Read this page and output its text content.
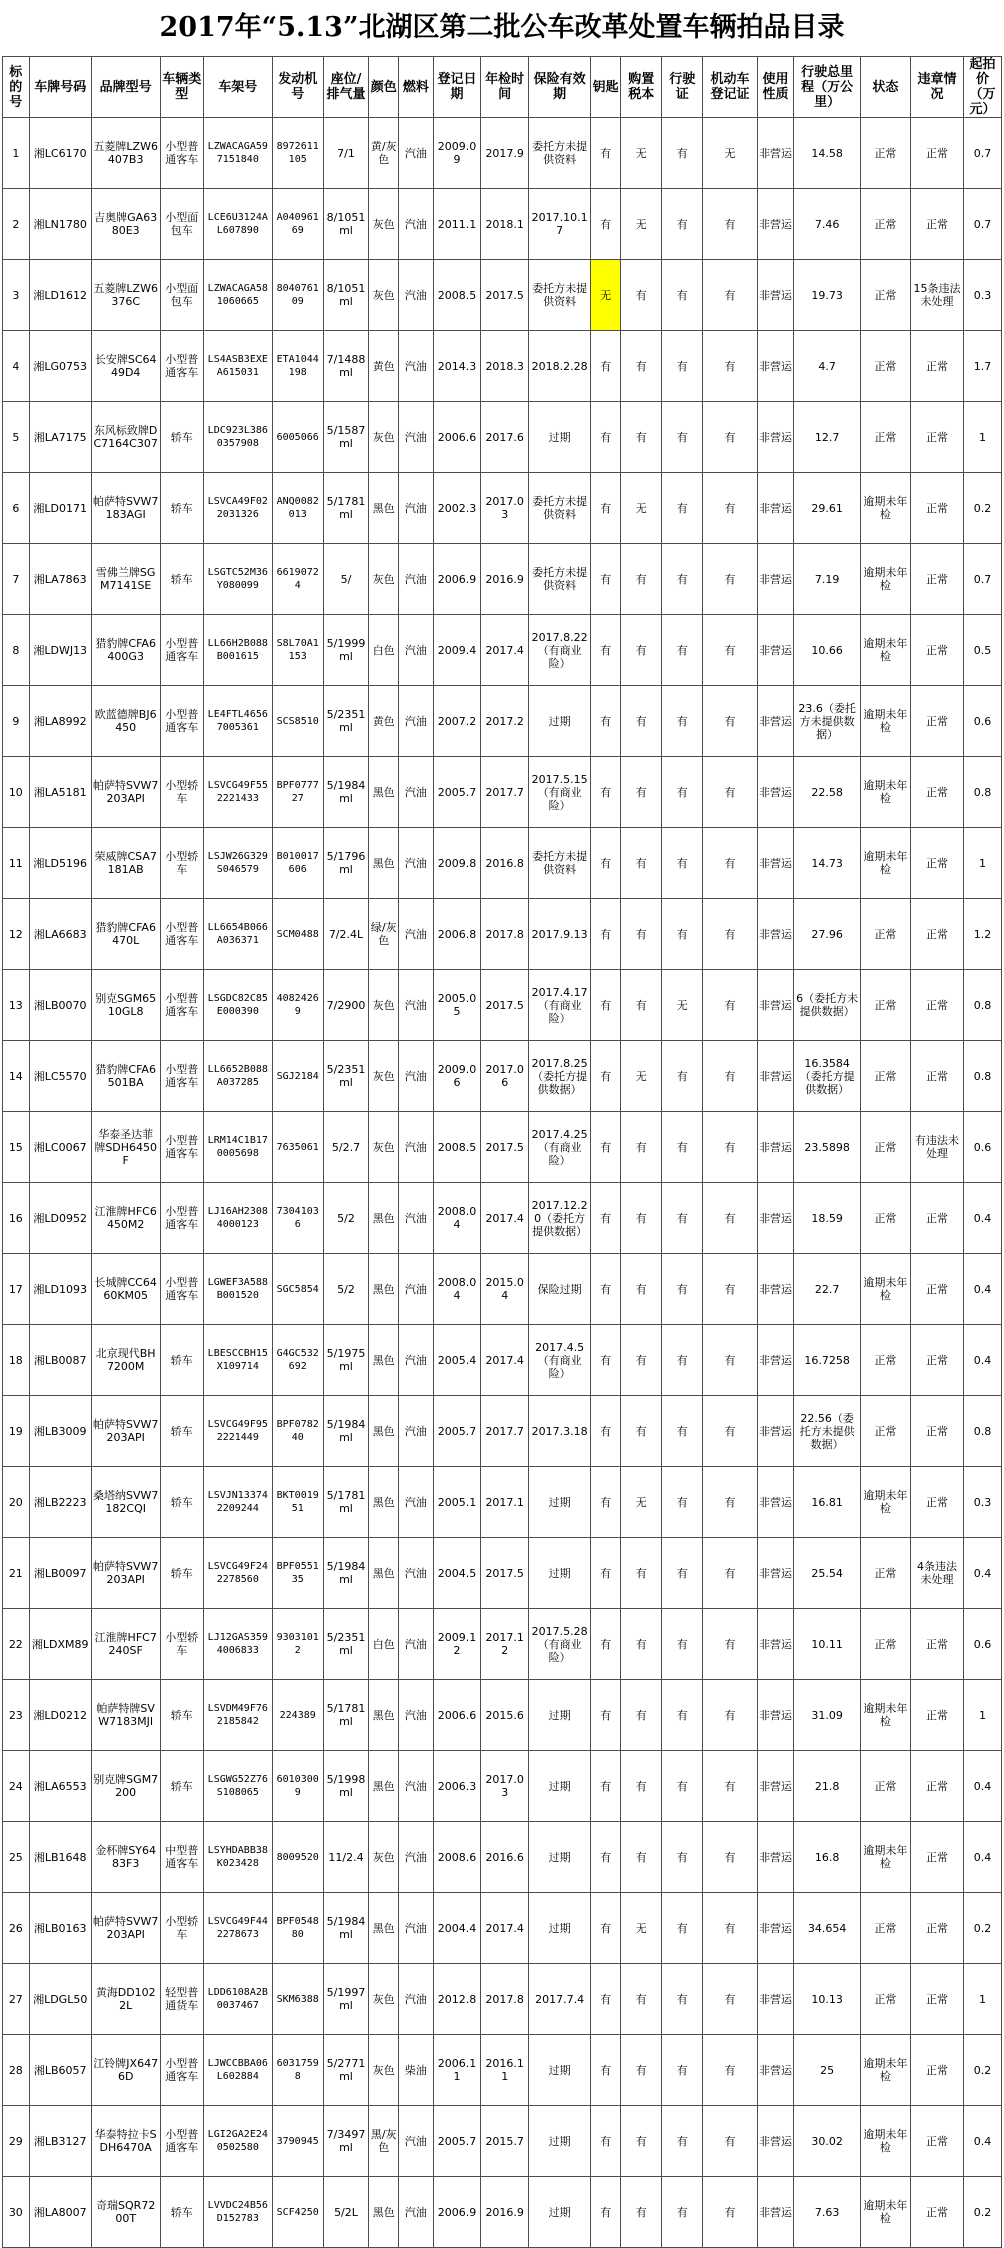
2017年“5.13”北湖区第二批公车改革处置车辆拍品目录
标的号	车牌号码	品牌型号	车辆类型	车架号	发动机号	座位/排气量	颜色	燃料	登记日期	年检时间	保险有效期	钥匙	购置税本	行驶证	机动车登记证	使用性质	行驶总里程（万公里）	状态	违章情况	起拍价（万元）
1	湘LC6170	五菱牌LZW6407B3	小型普通客车	LZWACAGA597151840	8972611105	7/1	黄/灰色	汽油	2009.09	2017.9	委托方未提供资料	有	无	有	无	非营运	14.58	正常	正常	0.7
2	湘LN1780	吉奥牌GA6380E3	小型面包车	LCE6U3124AL607890	A04096169	8/1051ml	灰色	汽油	2011.1	2018.1	2017.10.17	有	无	有	有	非营运	7.46	正常	正常	0.7
3	湘LD1612	五菱牌LZW6376C	小型面包车	LZWACAGA581060665	804076109	8/1051ml	灰色	汽油	2008.5	2017.5	委托方未提供资料	无	有	有	有	非营运	19.73	正常	15条违法未处理	0.3
4	湘LG0753	长安牌SC6449D4	小型普通客车	LS4ASB3EXEA615031	ETA1044198	7/1488ml	黄色	汽油	2014.3	2018.3	2018.2.28	有	有	有	有	非营运	4.7	正常	正常	1.7
5	湘LA7175	东风标致牌DC7164C307	轿车	LDC923L3860357908	6005066	5/1587ml	灰色	汽油	2006.6	2017.6	过期	有	有	有	有	非营运	12.7	正常	正常	1
6	湘LD0171	帕萨特SVW7183AGI	轿车	LSVCA49F022031326	ANQ0082013	5/1781ml	黑色	汽油	2002.3	2017.03	委托方未提供资料	有	无	有	有	非营运	29.61	逾期未年检	正常	0.2
7	湘LA7863	雪佛兰牌SGM7141SE	轿车	LSGTC52M36Y080099	66190724	5/	灰色	汽油	2006.9	2016.9	委托方未提供资料	有	有	有	有	非营运	7.19	逾期未年检	正常	0.7
8	湘LDWJ13	猎豹牌CFA6400G3	小型普通客车	LL66H2B088B001615	S8L70A1153	5/1999ml	白色	汽油	2009.4	2017.4	2017.8.22（有商业险）	有	有	有	有	非营运	10.66	逾期未年检	正常	0.5
9	湘LA8992	欧蓝德牌BJ6450	小型普通客车	LE4FTL46567005361	SCS8510	5/2351ml	黄色	汽油	2007.2	2017.2	过期	有	有	有	有	非营运	23.6（委托方未提供数据）	逾期未年检	正常	0.6
10	湘LA5181	帕萨特SVW7203API	小型轿车	LSVCG49F552221433	BPF077727	5/1984ml	黑色	汽油	2005.7	2017.7	2017.5.15（有商业险）	有	有	有	有	非营运	22.58	逾期未年检	正常	0.8
11	湘LD5196	荣威牌CSA7181AB	小型轿车	LSJW26G329S046579	B010017606	5/1796ml	黑色	汽油	2009.8	2016.8	委托方未提供资料	有	有	有	有	非营运	14.73	逾期未年检	正常	1
12	湘LA6683	猎豹牌CFA6470L	小型普通客车	LL6654B066A036371	SCM0488	7/2.4L	绿/灰色	汽油	2006.8	2017.8	2017.9.13	有	有	有	有	非营运	27.96	正常	正常	1.2
13	湘LB0070	别克SGM6510GL8	小型普通客车	LSGDC82C85E000390	40824269	7/2900	灰色	汽油	2005.05	2017.5	2017.4.17（有商业险）	有	有	无	有	非营运	6（委托方未提供数据）	正常	正常	0.8
14	湘LC5570	猎豹牌CFA6501BA	小型普通客车	LL6652B088A037285	SGJ2184	5/2351ml	灰色	汽油	2009.06	2017.06	2017.8.25（委托方提供数据）	有	无	有	有	非营运	16.3584（委托方提供数据）	正常	正常	0.8
15	湘LC0067	华泰圣达菲牌SDH6450F	小型普通客车	LRM14C1B170005698	7635061	5/2.7	灰色	汽油	2008.5	2017.5	2017.4.25（有商业险）	有	有	有	有	非营运	23.5898	正常	有违法未处理	0.6
16	湘LD0952	江淮牌HFC6450M2	小型普通客车	LJ16AH23084000123	73041036	5/2	黑色	汽油	2008.04	2017.4	2017.12.20（委托方提供数据）	有	有	有	有	非营运	18.59	正常	正常	0.4
17	湘LD1093	长城牌CC6460KM05	小型普通客车	LGWEF3A588B001520	SGC5854	5/2	黑色	汽油	2008.04	2015.04	保险过期	有	有	有	有	非营运	22.7	逾期未年检	正常	0.4
18	湘LB0087	北京现代BH7200M	轿车	LBESCCBH15X109714	G4GC532692	5/1975ml	黑色	汽油	2005.4	2017.4	2017.4.5（有商业险）	有	有	有	有	非营运	16.7258	正常	正常	0.4
19	湘LB3009	帕萨特SVW7203API	轿车	LSVCG49F952221449	BPF078240	5/1984ml	黑色	汽油	2005.7	2017.7	2017.3.18	有	有	有	有	非营运	22.56（委托方未提供数据）	正常	正常	0.8
20	湘LB2223	桑塔纳SVW7182CQI	轿车	LSVJN133742209244	BKT001951	5/1781ml	黑色	汽油	2005.1	2017.1	过期	有	无	有	有	非营运	16.81	逾期未年检	正常	0.3
21	湘LB0097	帕萨特SVW7203API	轿车	LSVCG49F242278560	BPF055135	5/1984ml	黑色	汽油	2004.5	2017.5	过期	有	有	有	有	非营运	25.54	正常	4条违法未处理	0.4
22	湘LDXM89	江淮牌HFC7240SF	小型轿车	LJ12GAS3594006833	93031012	5/2351ml	白色	汽油	2009.12	2017.12	2017.5.28（有商业险）	有	有	有	有	非营运	10.11	正常	正常	0.6
23	湘LD0212	帕萨特牌SVW7183MJI	轿车	LSVDM49F762185842	224389	5/1781ml	黑色	汽油	2006.6	2015.6	过期	有	有	有	有	非营运	31.09	逾期未年检	正常	1
24	湘LA6553	别克牌SGM7200	轿车	LSGWG52Z76S108065	60103009	5/1998ml	黑色	汽油	2006.3	2017.03	过期	有	有	有	有	非营运	21.8	正常	正常	0.4
25	湘LB1648	金杯牌SY6483F3	中型普通客车	LSYHDABB38K023428	8009520	11/2.4	灰色	汽油	2008.6	2016.6	过期	有	有	有	有	非营运	16.8	逾期未年检	正常	0.4
26	湘LB0163	帕萨特SVW7203API	小型轿车	LSVCG49F442278673	BPF054880	5/1984ml	黑色	汽油	2004.4	2017.4	过期	有	无	有	有	非营运	34.654	正常	正常	0.2
27	湘LDGL50	黄海DD1022L	轻型普通货车	LDD6108A2B0037467	SKM6388	5/1997ml	灰色	汽油	2012.8	2017.8	2017.7.4	有	有	有	有	非营运	10.13	正常	正常	1
28	湘LB6057	江铃牌JX6476D	小型普通客车	LJWCCBBA06L602884	60317598	5/2771ml	灰色	柴油	2006.11	2016.11	过期	有	有	有	有	非营运	25	逾期未年检	正常	0.2
29	湘LB3127	华泰特拉卡SDH6470A	小型普通客车	LGI2GA2E240502580	3790945	7/3497ml	黑/灰色	汽油	2005.7	2015.7	过期	有	有	有	有	非营运	30.02	逾期未年检	正常	0.4
30	湘LA8007	奇瑞SQR7200T	轿车	LVVDC24B56D152783	SCF4250	5/2L	黑色	汽油	2006.9	2016.9	过期	有	有	有	有	非营运	7.63	逾期未年检	正常	0.2
